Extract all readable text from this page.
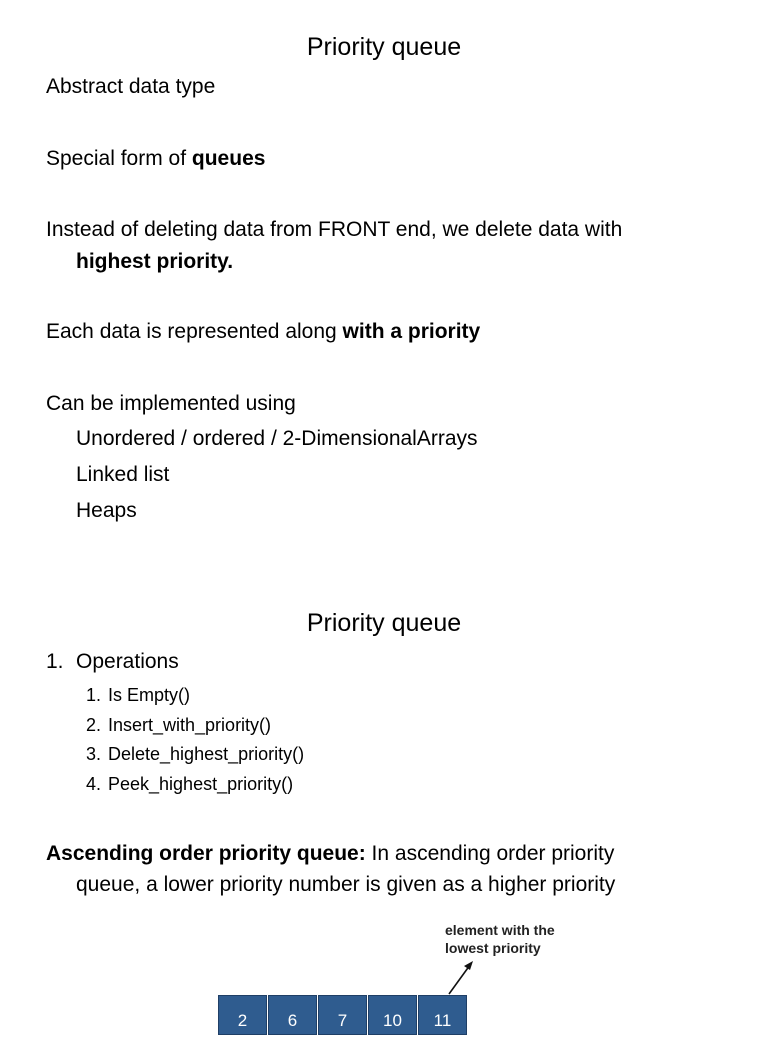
Priority queue

Abstract data type

Special form of queues

Instead of deleting data from FRONT end, we delete data with

highest priority.

Each data is represented along with a priority

Can be implemented using

Unordered / ordered / 2-DimensionalArrays

Linked list

Heaps

Priority queue

1. Operations

1. Is Empty()
2. Insert_with_priority()
3. Delete_highest_priority()
4. Peek_highest_priority()

Ascending order priority queue: In ascending order priority

queue, a lower priority number is given as a higher priority

element with the
lowest priority
2	6	7	10	11
